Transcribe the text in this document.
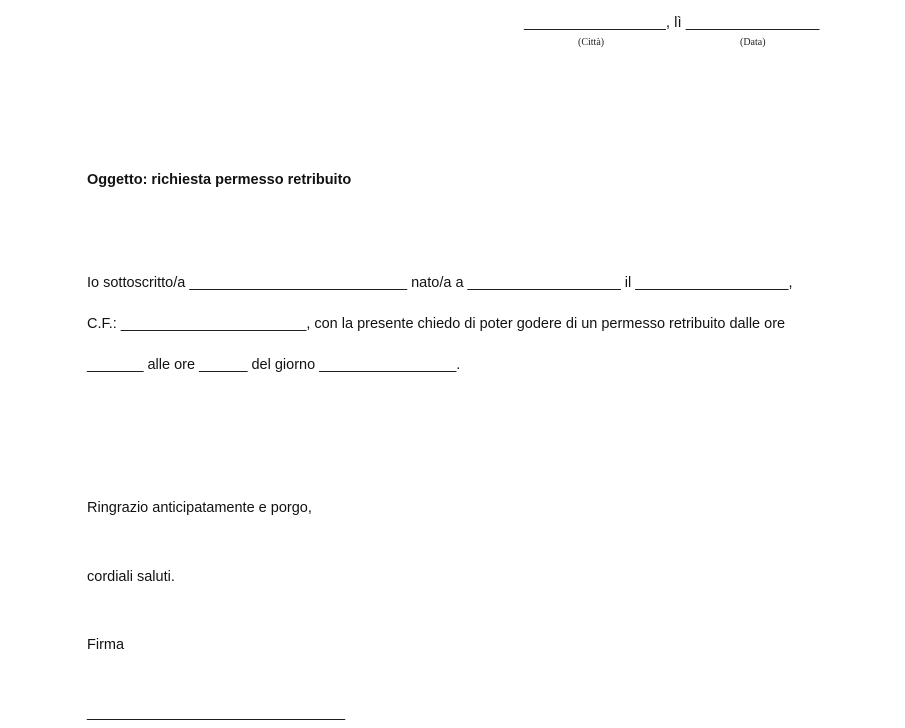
_________________, lì ________________
(Città)	(Data)
Oggetto: richiesta permesso retribuito
Io sottoscritto/a ___________________________ nato/a a ___________________ il ___________________,
C.F.: _______________________, con la presente chiedo di poter godere di un permesso retribuito dalle ore
_______ alle ore ______ del giorno _________________.
Ringrazio anticipatamente e porgo,
cordiali saluti.
Firma
________________________________
